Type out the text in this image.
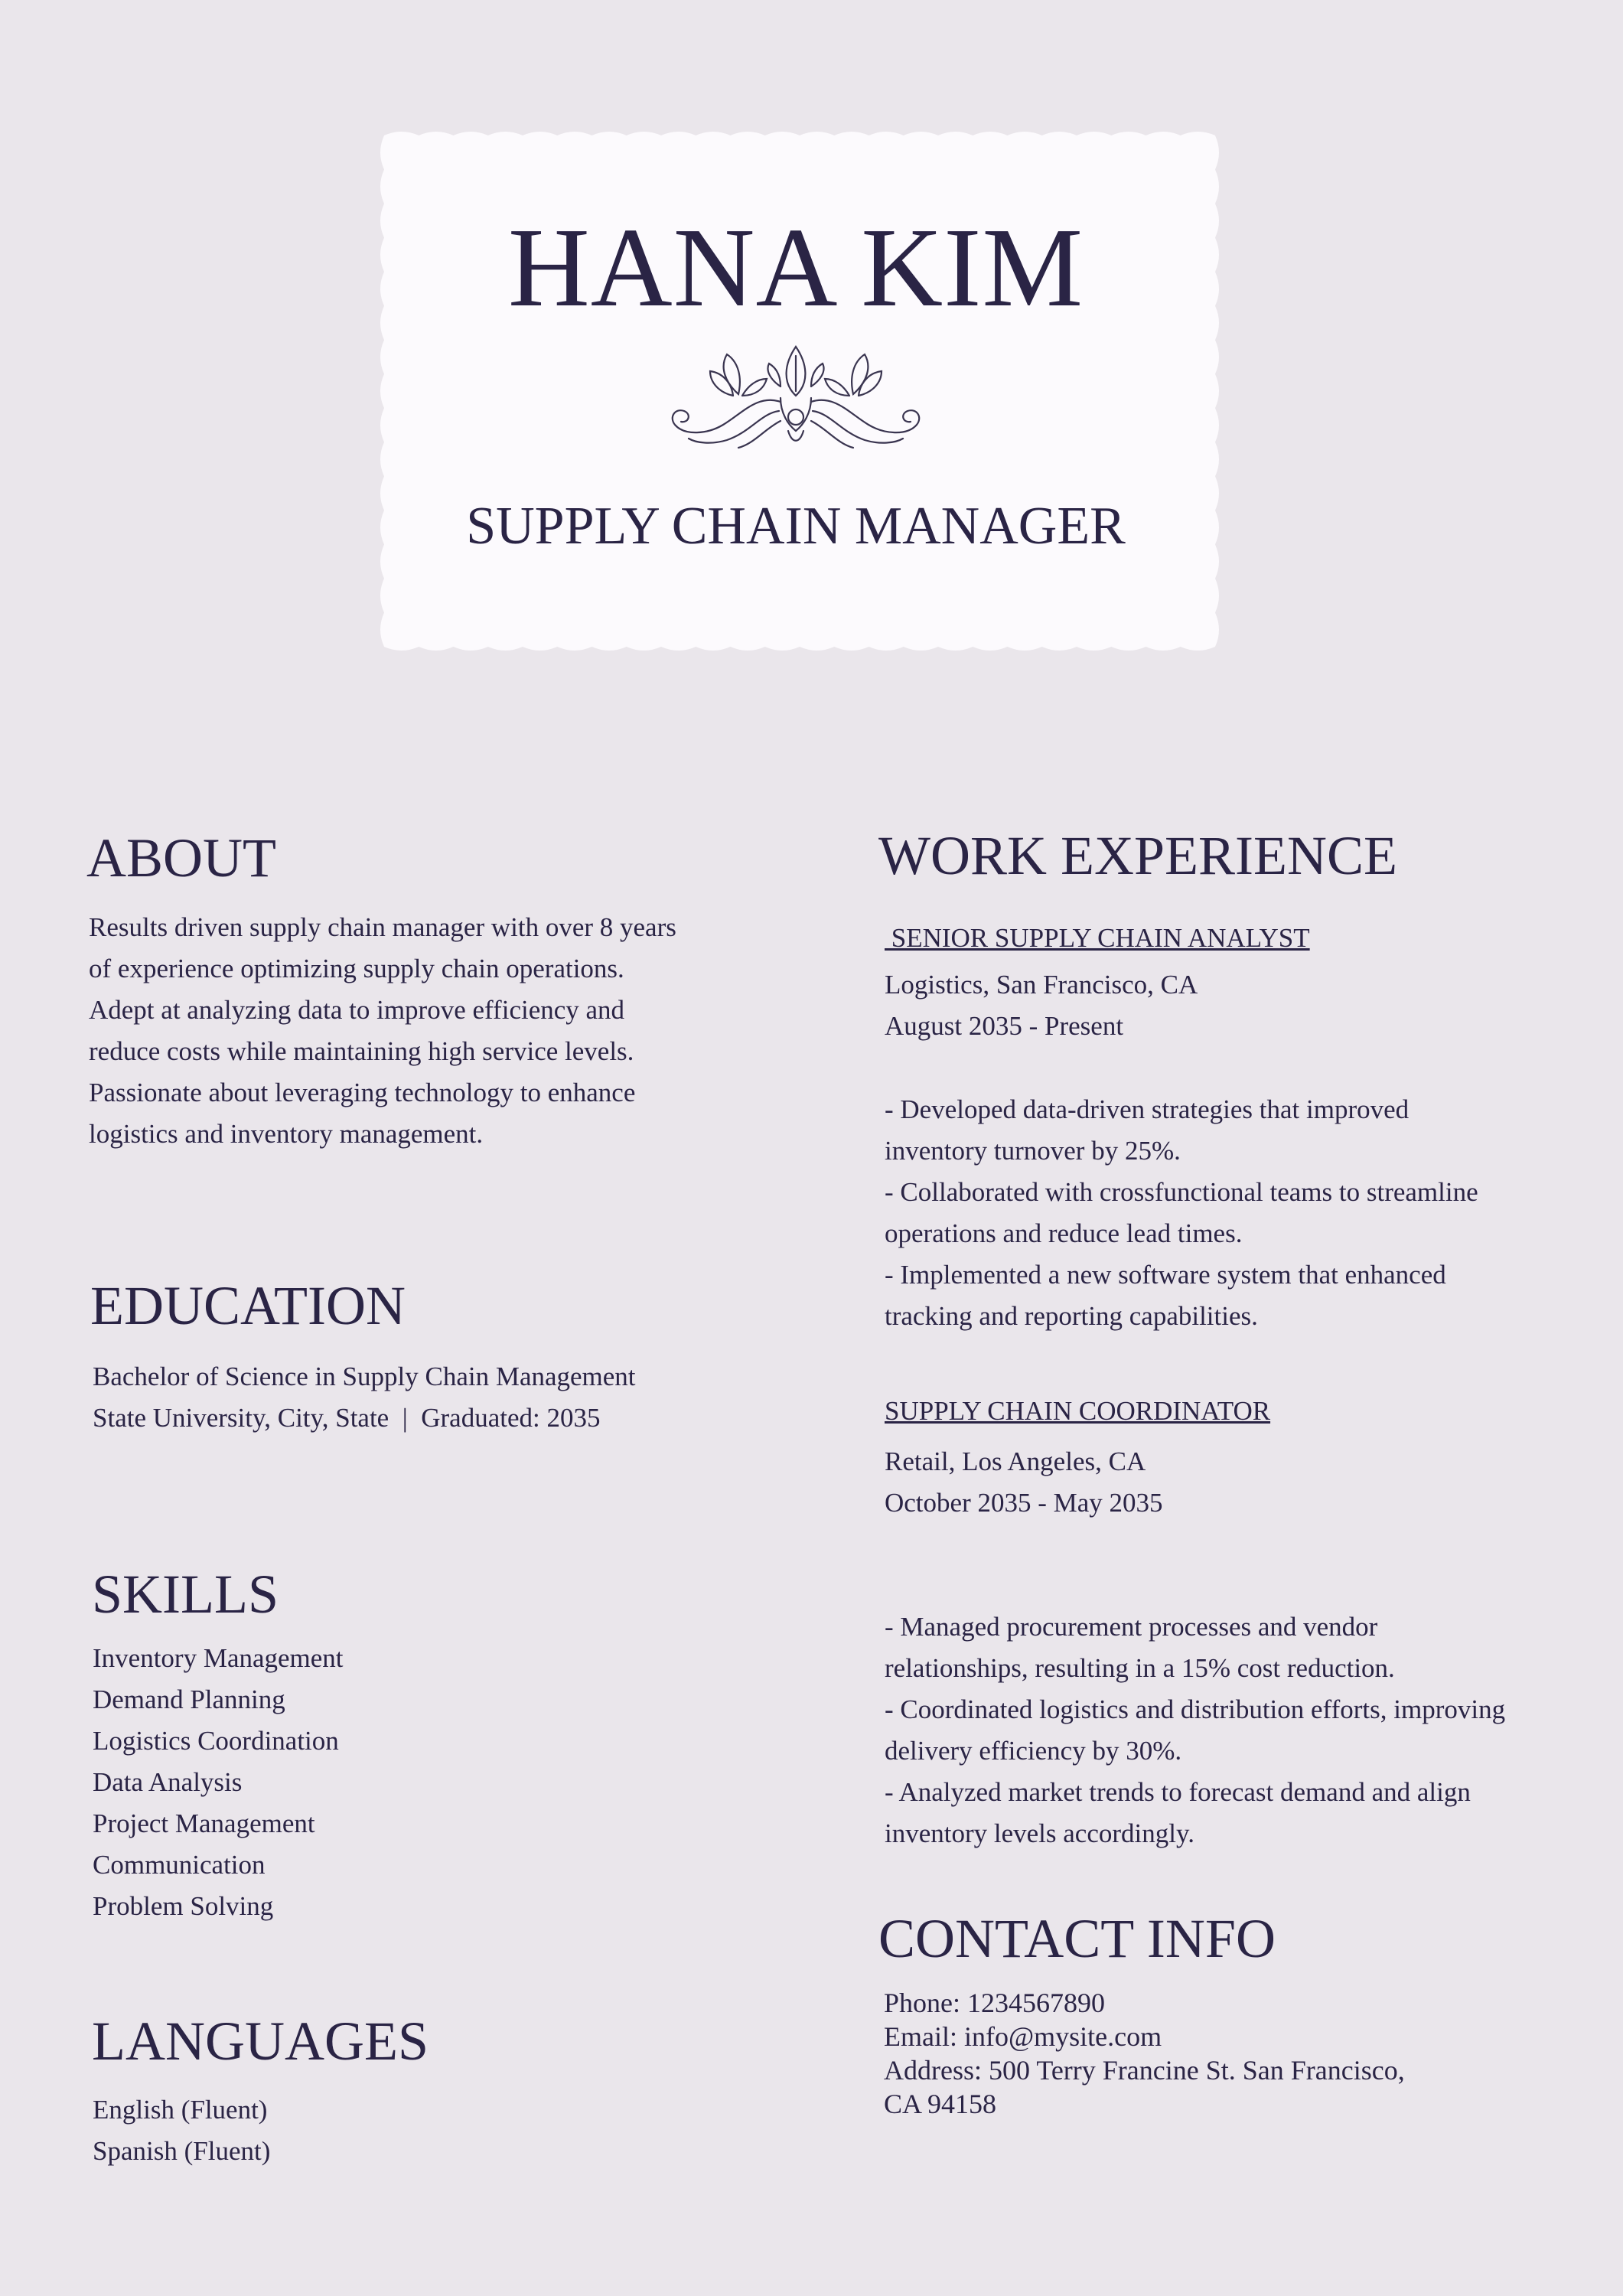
HANA KIM
SUPPLY CHAIN MANAGER
ABOUT
Results driven supply chain manager with over 8 years
of experience optimizing supply chain operations.
Adept at analyzing data to improve efficiency and
reduce costs while maintaining high service levels.
Passionate about leveraging technology to enhance
logistics and inventory management.
EDUCATION
Bachelor of Science in Supply Chain Management
State University, City, State  |  Graduated: 2035
SKILLS
Inventory Management
Demand Planning
Logistics Coordination
Data Analysis
Project Management
Communication
Problem Solving
LANGUAGES
English (Fluent)
Spanish (Fluent)
WORK EXPERIENCE
SENIOR SUPPLY CHAIN ANALYST
Logistics, San Francisco, CA
August 2035 - Present
- Developed data-driven strategies that improved
inventory turnover by 25%.
- Collaborated with crossfunctional teams to streamline
operations and reduce lead times.
- Implemented a new software system that enhanced
tracking and reporting capabilities.
SUPPLY CHAIN COORDINATOR
Retail, Los Angeles, CA
October 2035 - May 2035
- Managed procurement processes and vendor
relationships, resulting in a 15% cost reduction.
- Coordinated logistics and distribution efforts, improving
delivery efficiency by 30%.
- Analyzed market trends to forecast demand and align
inventory levels accordingly.
CONTACT INFO
Phone: 1234567890
Email: info@mysite.com
Address: 500 Terry Francine St. San Francisco,
CA 94158
